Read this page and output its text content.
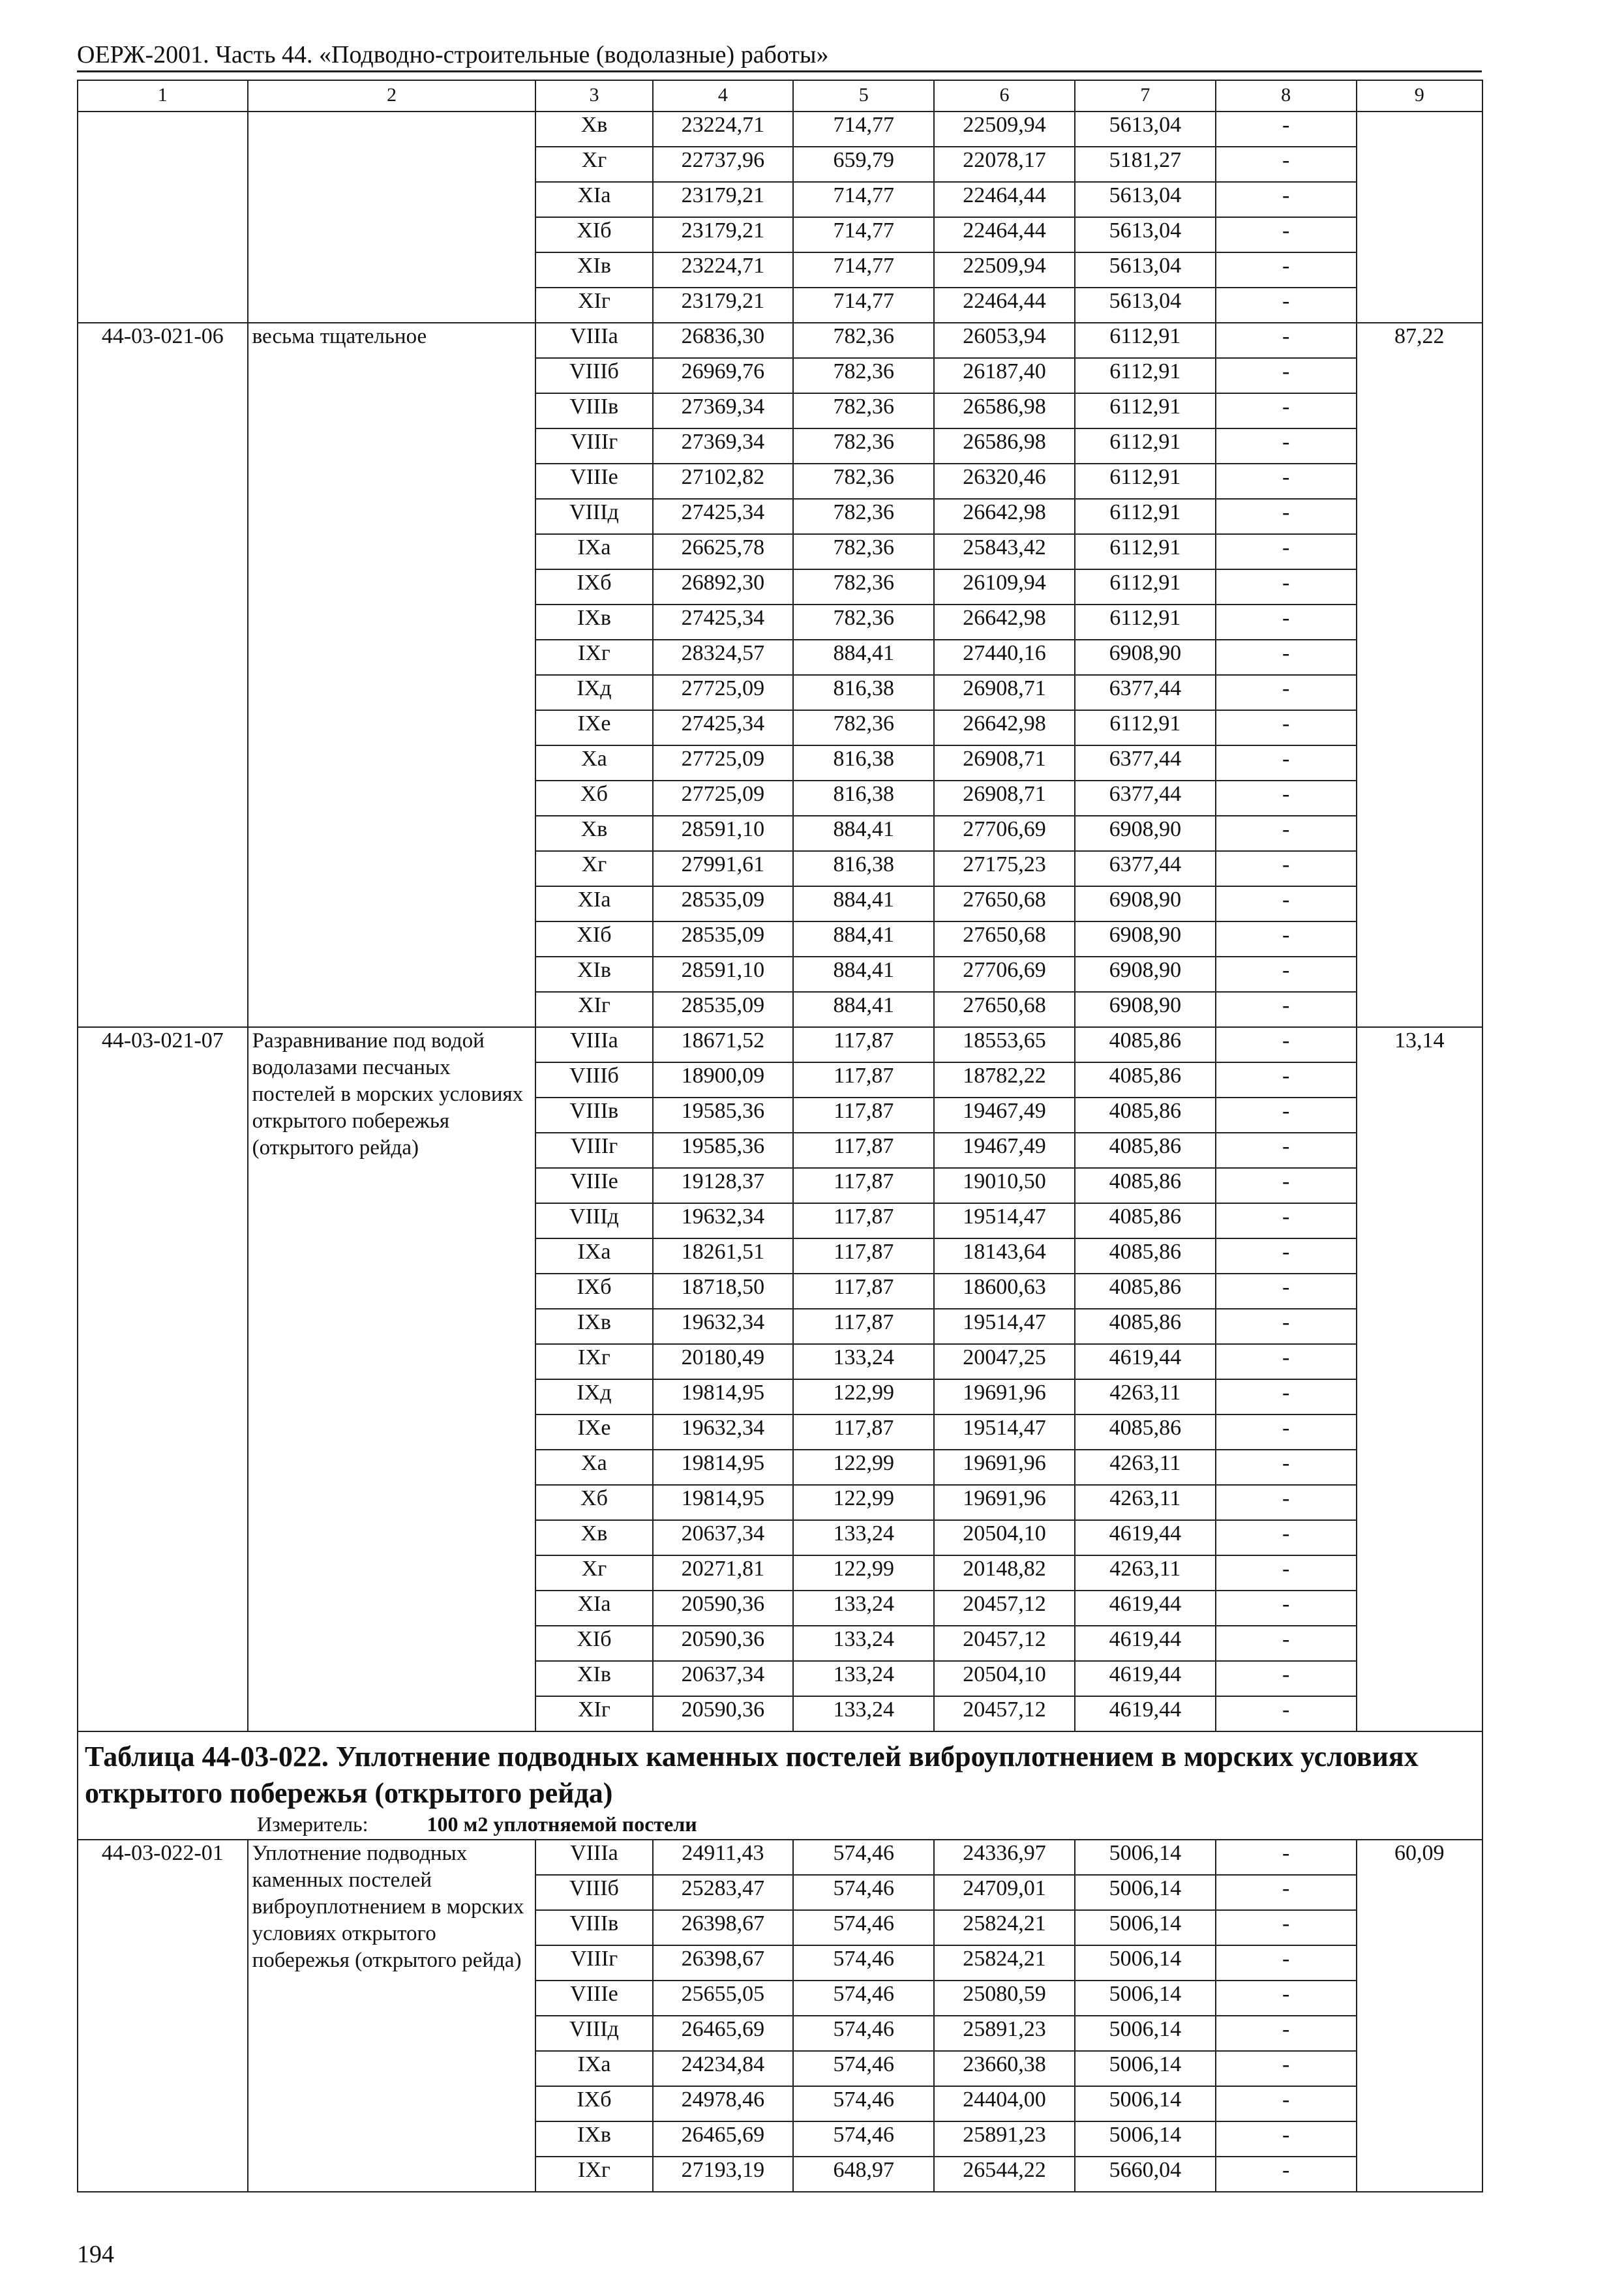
ОЕРЖ-2001. Часть 44. «Подводно-строительные (водолазные) работы»
1	2	3	4	5	6	7	8	9
		Хв	23224,71	714,77	22509,94	5613,04	-	
		Хг	22737,96	659,79	22078,17	5181,27	-	
		ХIа	23179,21	714,77	22464,44	5613,04	-	
		ХIб	23179,21	714,77	22464,44	5613,04	-	
		ХIв	23224,71	714,77	22509,94	5613,04	-	
		ХIг	23179,21	714,77	22464,44	5613,04	-	
44-03-021-06	весьма тщательное	VIIIа	26836,30	782,36	26053,94	6112,91	-	87,22
		VIIIб	26969,76	782,36	26187,40	6112,91	-	
		VIIIв	27369,34	782,36	26586,98	6112,91	-	
		VIIIг	27369,34	782,36	26586,98	6112,91	-	
		VIIIе	27102,82	782,36	26320,46	6112,91	-	
		VIIIд	27425,34	782,36	26642,98	6112,91	-	
		IХа	26625,78	782,36	25843,42	6112,91	-	
		IХб	26892,30	782,36	26109,94	6112,91	-	
		IХв	27425,34	782,36	26642,98	6112,91	-	
		IХг	28324,57	884,41	27440,16	6908,90	-	
		IХд	27725,09	816,38	26908,71	6377,44	-	
		IХе	27425,34	782,36	26642,98	6112,91	-	
		Ха	27725,09	816,38	26908,71	6377,44	-	
		Хб	27725,09	816,38	26908,71	6377,44	-	
		Хв	28591,10	884,41	27706,69	6908,90	-	
		Хг	27991,61	816,38	27175,23	6377,44	-	
		ХIа	28535,09	884,41	27650,68	6908,90	-	
		ХIб	28535,09	884,41	27650,68	6908,90	-	
		ХIв	28591,10	884,41	27706,69	6908,90	-	
		ХIг	28535,09	884,41	27650,68	6908,90	-	
44-03-021-07	Разравнивание под водой водолазами песчаных постелей в морских условиях открытого побережья (открытого рейда)	VIIIа	18671,52	117,87	18553,65	4085,86	-	13,14
		VIIIб	18900,09	117,87	18782,22	4085,86	-	
		VIIIв	19585,36	117,87	19467,49	4085,86	-	
		VIIIг	19585,36	117,87	19467,49	4085,86	-	
		VIIIе	19128,37	117,87	19010,50	4085,86	-	
		VIIIд	19632,34	117,87	19514,47	4085,86	-	
		IХа	18261,51	117,87	18143,64	4085,86	-	
		IХб	18718,50	117,87	18600,63	4085,86	-	
		IХв	19632,34	117,87	19514,47	4085,86	-	
		IХг	20180,49	133,24	20047,25	4619,44	-	
		IХд	19814,95	122,99	19691,96	4263,11	-	
		IХе	19632,34	117,87	19514,47	4085,86	-	
		Ха	19814,95	122,99	19691,96	4263,11	-	
		Хб	19814,95	122,99	19691,96	4263,11	-	
		Хв	20637,34	133,24	20504,10	4619,44	-	
		Хг	20271,81	122,99	20148,82	4263,11	-	
		ХIа	20590,36	133,24	20457,12	4619,44	-	
		ХIб	20590,36	133,24	20457,12	4619,44	-	
		ХIв	20637,34	133,24	20504,10	4619,44	-	
		ХIг	20590,36	133,24	20457,12	4619,44	-	

Таблица 44-03-022. Уплотнение подводных каменных постелей виброуплотнением в морских условиях открытого побережья (открытого рейда)
Измеритель: 100 м2 уплотняемой постели								

44-03-022-01	Уплотнение подводных каменных постелей виброуплотнением в морских условиях открытого побережья (открытого рейда)	VIIIа	24911,43	574,46	24336,97	5006,14	-	60,09
		VIIIб	25283,47	574,46	24709,01	5006,14	-	
		VIIIв	26398,67	574,46	25824,21	5006,14	-	
		VIIIг	26398,67	574,46	25824,21	5006,14	-	
		VIIIе	25655,05	574,46	25080,59	5006,14	-	
		VIIIд	26465,69	574,46	25891,23	5006,14	-	
		IХа	24234,84	574,46	23660,38	5006,14	-	
		IХб	24978,46	574,46	24404,00	5006,14	-	
		IХв	26465,69	574,46	25891,23	5006,14	-	
		IХг	27193,19	648,97	26544,22	5660,04	-	
194
